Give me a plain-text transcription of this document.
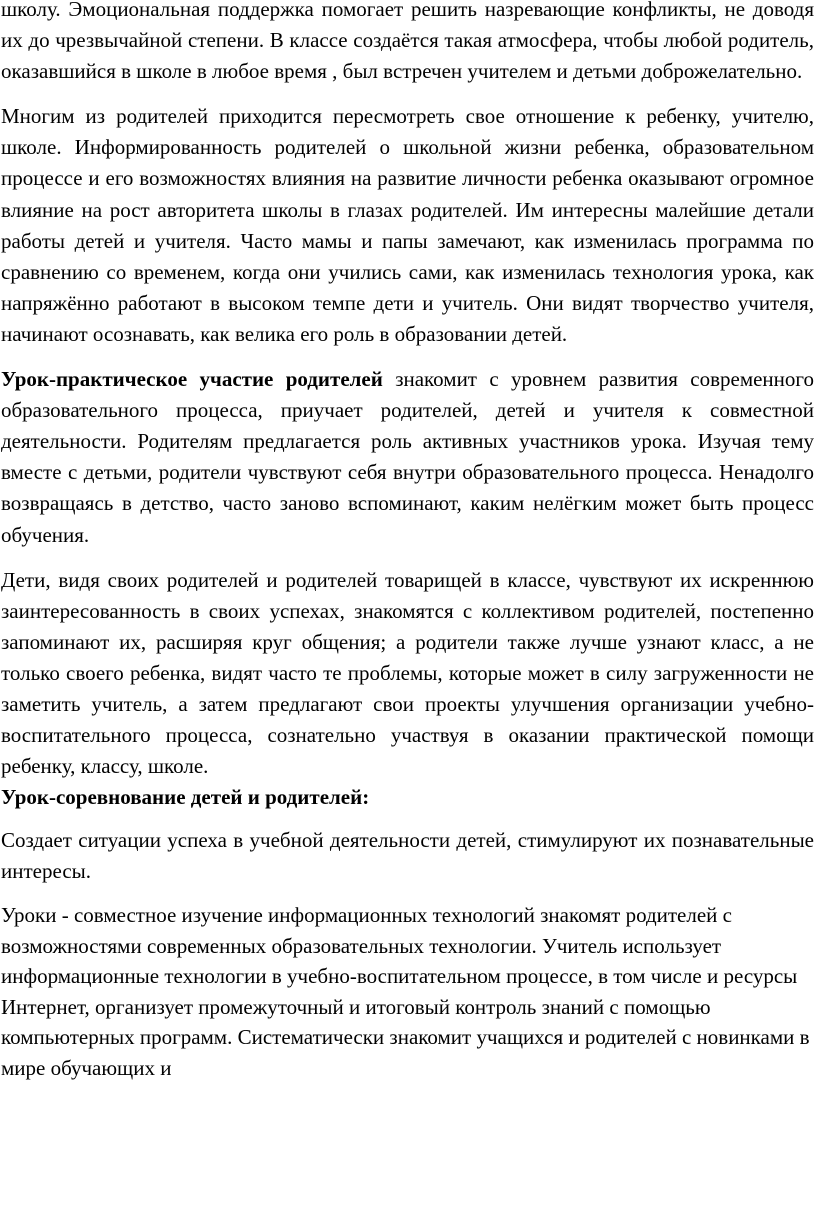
школу. Эмоциональная поддержка помогает решить назревающие конфликты, не доводя их до чрезвычайной степени. В классе создаётся такая атмосфера, чтобы любой родитель, оказавшийся в школе в любое время , был встречен учителем и детьми доброжелательно.

Многим из родителей приходится пересмотреть свое отношение к ребенку, учителю, школе. Информированность родителей о школьной жизни ребенка, образовательном процессе и его возможностях влияния на развитие личности ребенка оказывают огромное влияние на рост авторитета школы в глазах родителей. Им интересны малейшие детали работы детей и учителя. Часто мамы и папы замечают, как изменилась программа по сравнению со временем, когда они учились сами, как изменилась технология урока, как напряжённо работают в высоком темпе дети и учитель. Они видят творчество учителя, начинают осознавать, как велика его роль в образовании детей.

Урок-практическое участие родителей знакомит с уровнем развития современного образовательного процесса, приучает родителей, детей и учителя к совместной деятельности. Родителям предлагается роль активных участников урока. Изучая тему вместе с детьми, родители чувствуют себя внутри образовательного процесса. Ненадолго возвращаясь в детство, часто заново вспоминают, каким нелёгким может быть процесс обучения.

Дети, видя своих родителей и родителей товарищей в классе, чувствуют их искреннюю заинтересованность в своих успехах, знакомятся с коллективом родителей, постепенно запоминают их, расширяя круг общения; а родители также лучше узнают класс, а не только своего ребенка, видят часто те проблемы, которые может в силу загруженности не заметить учитель, а затем предлагают свои проекты улучшения организации учебно-воспитательного процесса, сознательно участвуя в оказании практической помощи ребенку, классу, школе.

Урок-соревнование детей и родителей:

Создает ситуации успеха в учебной деятельности детей, стимулируют их познавательные интересы.

Уроки - совместное изучение информационных технологий знакомят родителей с возможностями современных образовательных технологии. Учитель использует информационные технологии в учебно-воспитательном процессе, в том числе и ресурсы Интернет, организует промежуточный и итоговый контроль знаний с помощью компьютерных программ. Систематически знакомит учащихся и родителей с новинками в мире обучающих и
